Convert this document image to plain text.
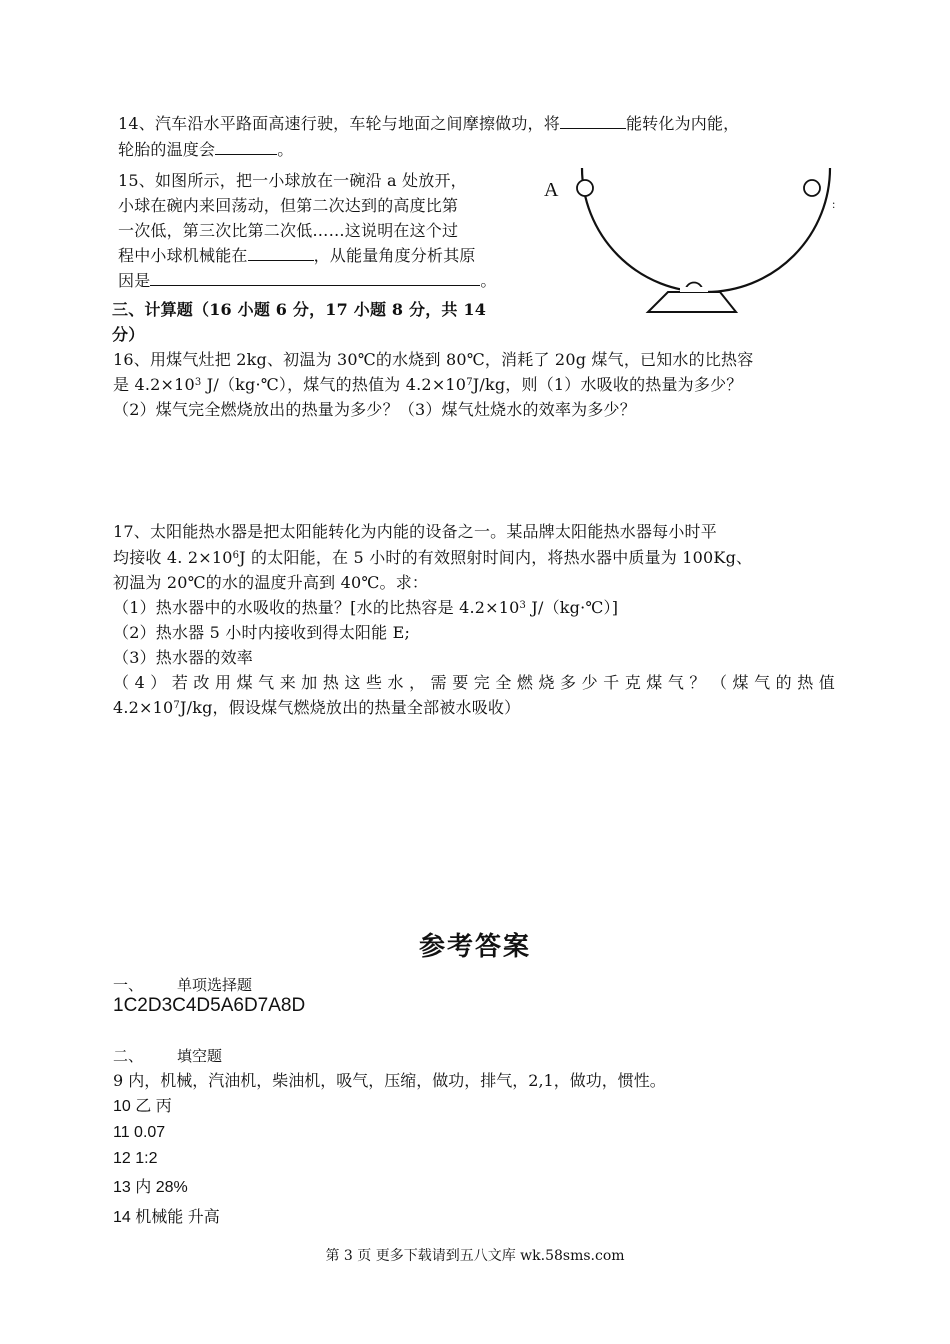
14、汽车沿水平路面高速行驶，车轮与地面之间摩擦做功，将	能转化为内能，
轮胎的温度会	。
15、如图所示，把一小球放在一碗沿 a 处放开，
小球在碗内来回荡动，但第二次达到的高度比第
一次低，第三次比第二次低……这说明在这个过
程中小球机械能在	，从能量角度分析其原
因是	。
A
:
三、计算题（16 小题 6 分，17 小题 8 分，共 14
分）
16、用煤气灶把 2kg、初温为 30℃的水烧到 80℃，消耗了 20g 煤气，已知水的比热容
是 $4.2\times 10^3$ J/（kg·℃），煤气的热值为 $4.2\times 10^7J/kg$，则（1）水吸收的热量为多少？
（2）煤气完全燃烧放出的热量为多少？（3）煤气灶烧水的效率为多少？
17、太阳能热水器是把太阳能转化为内能的设备之一。某品牌太阳能热水器每小时平
均接收 4. $2\times 10^6J$ 的太阳能，在 5 小时的有效照射时间内，将热水器中质量为 100Kg、
初温为 20℃的水的温度升高到 40℃。求：
（1）热水器中的水吸收的热量？[水的比热容是 $4.2\times 10^3$ J/（kg·℃）]
（2）热水器 5 小时内接收到得太阳能 E;
（3）热水器的效率
（4）若改用煤气来加热这些水，需要完全燃烧多少千克煤气？（煤气的热值
$4.2\times 10^7J/kg$，假设煤气燃烧放出的热量全部被水吸收）
参考答案
一、 单项选择题
1C2D3C4D5A6D7A8D
二、 填空题
9 内，机械，汽油机，柴油机，吸气，压缩，做功，排气，2,1，做功，惯性。
10 乙 丙
11 0.07
12 1:2
13 内 28%
14 机械能 升高
第 3 页 更多下载请到五八文库 wk.58sms.com
